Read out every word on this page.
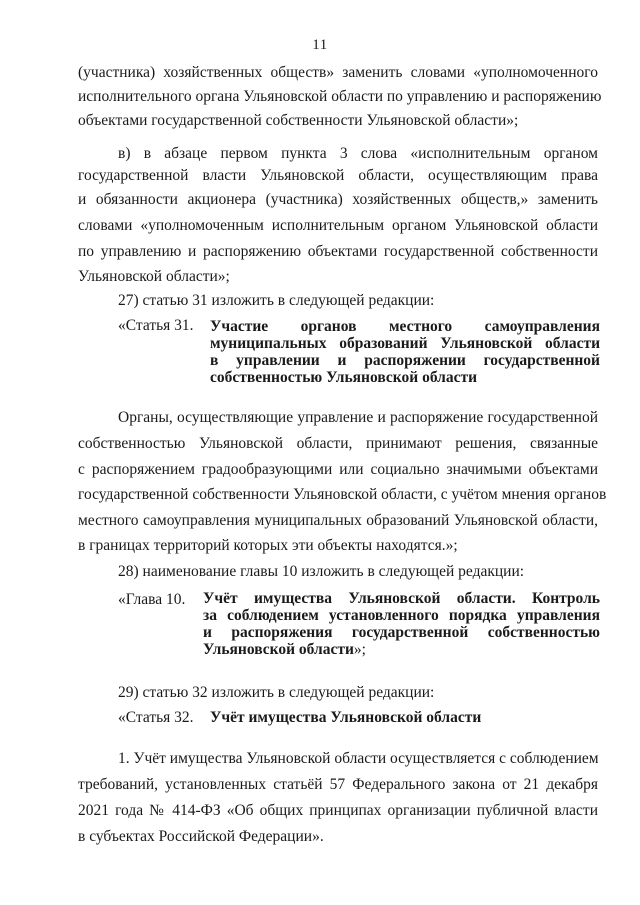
11
(участника) хозяйственных обществ» заменить словами «уполномоченного
исполнительного органа Ульяновской области по управлению и распоряжению
объектами государственной собственности Ульяновской области»;
в) в абзаце первом пункта 3 слова «исполнительным органом
государственной власти Ульяновской области, осуществляющим права
и обязанности акционера (участника) хозяйственных обществ,» заменить
словами «уполномоченным исполнительным органом Ульяновской области
по управлению и распоряжению объектами государственной собственности
Ульяновской области»;
27) статью 31 изложить в следующей редакции:
«Статья 31. Участие органов местного самоуправления
муниципальных образований Ульяновской области
в управлении и распоряжении государственной
собственностью Ульяновской области
Органы, осуществляющие управление и распоряжение государственной
собственностью Ульяновской области, принимают решения, связанные
с распоряжением градообразующими или социально значимыми объектами
государственной собственности Ульяновской области, с учётом мнения органов
местного самоуправления муниципальных образований Ульяновской области,
в границах территорий которых эти объекты находятся.»;
28) наименование главы 10 изложить в следующей редакции:
«Глава 10. Учёт имущества Ульяновской области. Контроль
за соблюдением установленного порядка управления
и распоряжения государственной собственностью
Ульяновской области»;
29) статью 32 изложить в следующей редакции:
«Статья 32. Учёт имущества Ульяновской области
1. Учёт имущества Ульяновской области осуществляется с соблюдением
требований, установленных статьёй 57 Федерального закона от 21 декабря
2021 года № 414-ФЗ «Об общих принципах организации публичной власти
в субъектах Российской Федерации».
